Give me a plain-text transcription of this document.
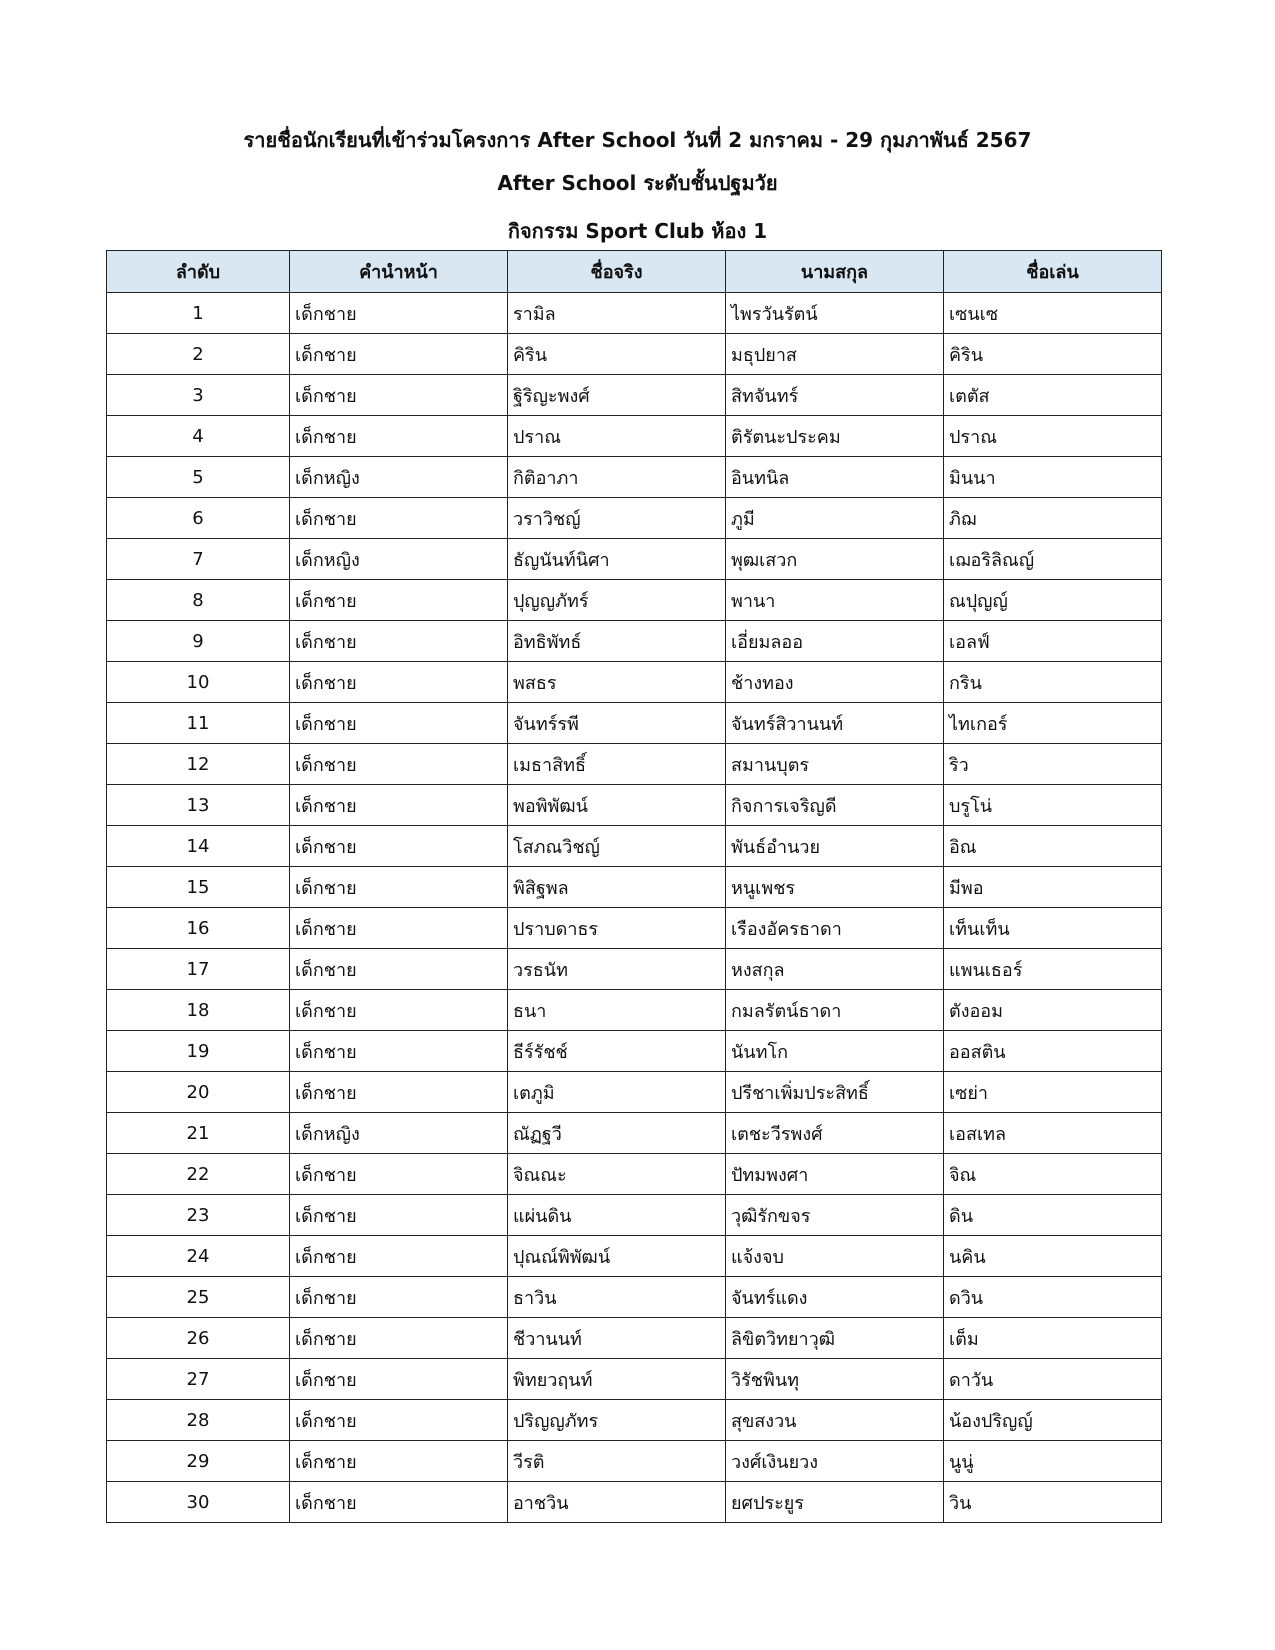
รายชื่อนักเรียนที่เข้าร่วมโครงการ After School วันที่ 2 มกราคม - 29 กุมภาพันธ์ 2567
After School ระดับชั้นปฐมวัย
กิจกรรม Sport Club ห้อง 1
ลำดับ	คำนำหน้า	ชื่อจริง	นามสกุล	ชื่อเล่น
1	เด็กชาย	รามิล	ไพรวันรัตน์	เซนเซ
2	เด็กชาย	คิริน	มธุปยาส	คิริน
3	เด็กชาย	ฐิริญะพงศ์	สิทจันทร์	เตตัส
4	เด็กชาย	ปราณ	ติรัตนะประคม	ปราณ
5	เด็กหญิง	กิติอาภา	อินทนิล	มินนา
6	เด็กชาย	วราวิชญ์	ภูมี	ภิฌ
7	เด็กหญิง	ธัญนันท์นิศา	พุฒเสวก	เฌอริลิณญ์
8	เด็กชาย	ปุญญภัทร์	พานา	ณปุญญ์
9	เด็กชาย	อิทธิพัทธ์	เอี่ยมลออ	เอลฟ์
10	เด็กชาย	พสธร	ช้างทอง	กริน
11	เด็กชาย	จันทร์รพี	จันทร์สิวานนท์	ไทเกอร์
12	เด็กชาย	เมธาสิทธิ์	สมานบุตร	ริว
13	เด็กชาย	พอพิพัฒน์	กิจการเจริญดี	บรูโน่
14	เด็กชาย	โสภณวิชญ์	พันธ์อำนวย	อิณ
15	เด็กชาย	พิสิฐพล	หนูเพชร	มีพอ
16	เด็กชาย	ปราบดาธร	เรืองอัครธาดา	เท็นเท็น
17	เด็กชาย	วรธนัท	หงสกุล	แพนเธอร์
18	เด็กชาย	ธนา	กมลรัตน์ธาดา	ตังออม
19	เด็กชาย	ธีร์รัชช์	นันทโก	ออสติน
20	เด็กชาย	เตภูมิ	ปรีชาเพิ่มประสิทธิ์	เซย่า
21	เด็กหญิง	ณัฏฐวี	เตชะวีรพงศ์	เอสเทล
22	เด็กชาย	จิณณะ	ปัทมพงศา	จิณ
23	เด็กชาย	แผ่นดิน	วุฒิรักขจร	ดิน
24	เด็กชาย	ปุณณ์พิพัฒน์	แจ้งจบ	นคิน
25	เด็กชาย	ธาวิน	จันทร์แดง	ดวิน
26	เด็กชาย	ชีวานนท์	ลิขิตวิทยาวุฒิ	เต็ม
27	เด็กชาย	พิทยวฤนท์	วิรัชพินทุ	ดาวัน
28	เด็กชาย	ปริญญภัทร	สุขสงวน	น้องปริญญ์
29	เด็กชาย	วีรติ	วงศ์เงินยวง	นูนู่
30	เด็กชาย	อาชวิน	ยศประยูร	วิน
